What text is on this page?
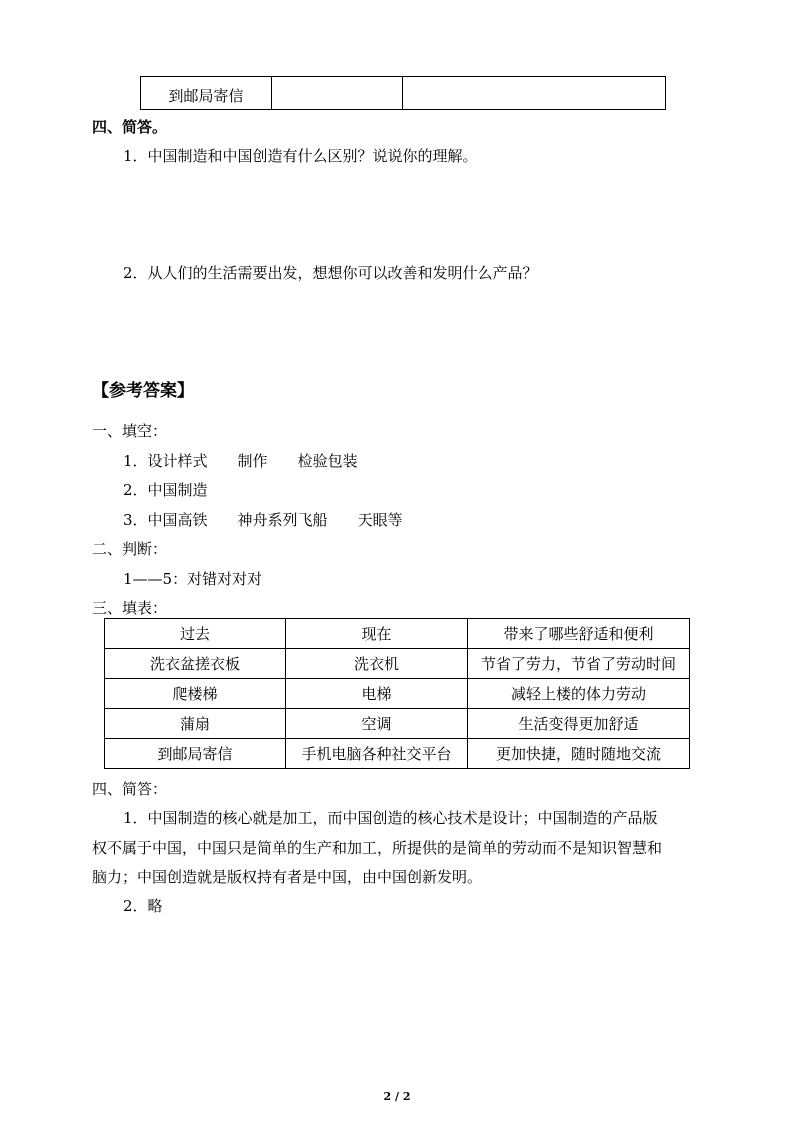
到邮局寄信		
四、简答。
1．中国制造和中国创造有什么区别？说说你的理解。
2．从人们的生活需要出发，想想你可以改善和发明什么产品？
【参考答案】
一、填空：
1．设计样式 制作 检验包装
2．中国制造
3．中国高铁 神舟系列飞船 天眼等
二、判断：
1——5：对错对对对
三、填表：
过去	现在	带来了哪些舒适和便利
洗衣盆搓衣板	洗衣机	节省了劳力，节省了劳动时间
爬楼梯	电梯	减轻上楼的体力劳动
蒲扇	空调	生活变得更加舒适
到邮局寄信	手机电脑各种社交平台	更加快捷，随时随地交流
四、简答：
1．中国制造的核心就是加工，而中国创造的核心技术是设计；中国制造的产品版
权不属于中国，中国只是简单的生产和加工，所提供的是简单的劳动而不是知识智慧和
脑力；中国创造就是版权持有者是中国，由中国创新发明。
2．略
2 / 2
